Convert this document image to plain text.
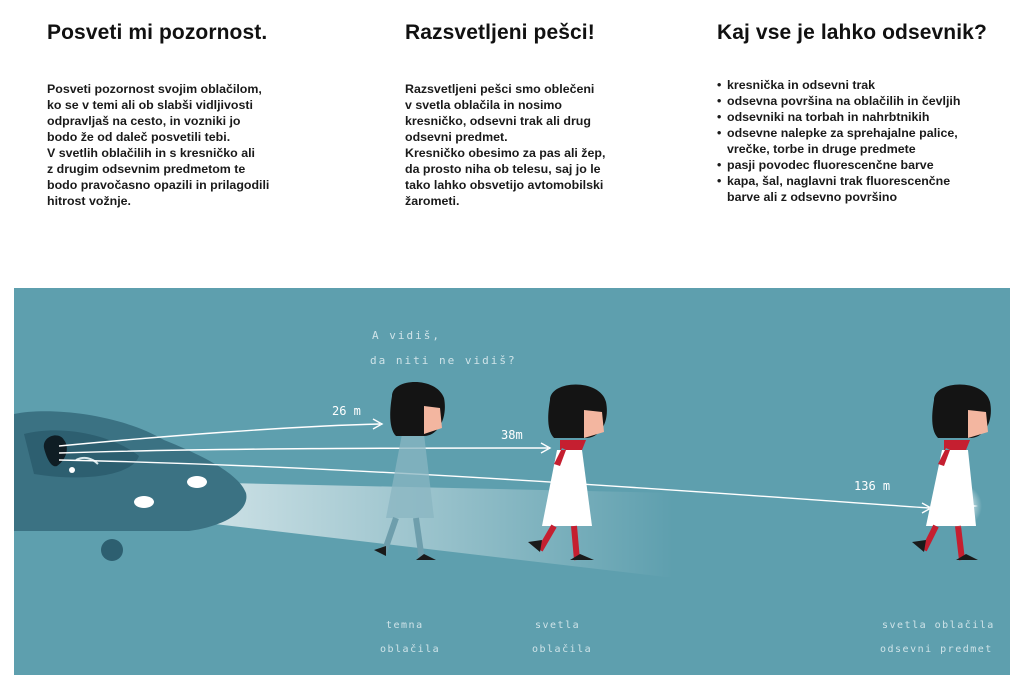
Posveti mi pozornost.
Posveti pozornost svojim oblačilom,
ko se v temi ali ob slabši vidljivosti
odpravljaš na cesto, in vozniki jo
bodo že od daleč posvetili tebi.
V svetlih oblačilih in s kresničko ali
z drugim odsevnim predmetom te
bodo pravočasno opazili in prilagodili
hitrost vožnje.
Razsvetljeni pešci!
Razsvetljeni pešci smo oblečeni
v svetla oblačila in nosimo
kresničko, odsevni trak ali drug
odsevni predmet.
Kresničko obesimo za pas ali žep,
da prosto niha ob telesu, saj jo le
tako lahko obsvetijo avtomobilski
žarometi.
Kaj vse je lahko odsevnik?
• kresnička in odsevni trak
• odsevna površina na oblačilih in čevljih
• odsevniki na torbah in nahrbtnikih
• odsevne nalepke za sprehajalne palice,
vrečke, torbe in druge predmete
• pasji povodec fluorescenčne barve
• kapa, šal, naglavni trak fluorescenčne
barve ali z odsevno površino
26 m
38m
136 m
A vidiš,
da niti ne vidiš?
temna
oblačila
svetla
oblačila
svetla oblačila
odsevni predmet
